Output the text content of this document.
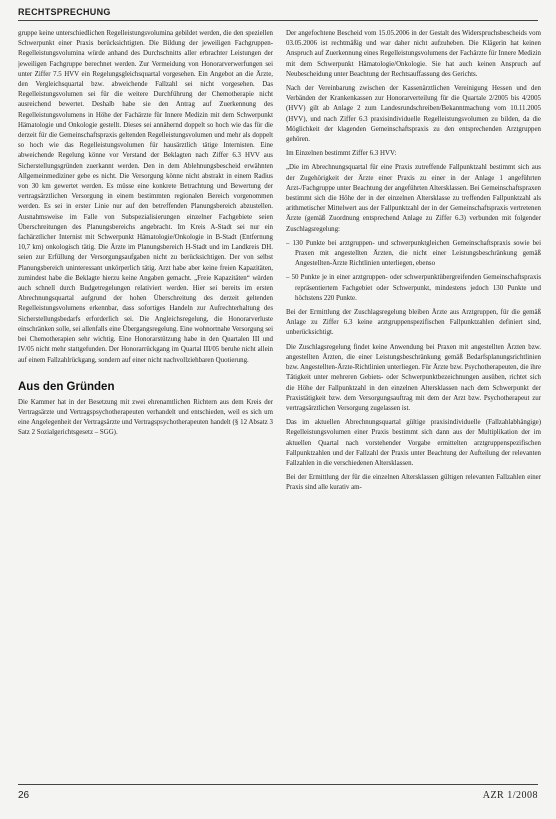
RECHTSPRECHUNG

gruppe keine unterschiedlichen Regelleistungsvolumina gebildet werden, die den speziellen Schwerpunkt einer Praxis berücksichtigten. Die Bildung der jeweiligen Fachgruppen-Regelleistungsvolumina würde anhand des Durchschnitts aller erbrachter Leistungen der jeweiligen Fachgruppe berechnet werden. Zur Vermeidung von Honorarverwerfungen sei unter Ziffer 7.5 HVV ein Regelungsgleichsquartal vorgesehen. Ein Angebot an die Ärzte, den Vergleichsquartal bzw. abweichende Fallzahl sei nicht vorgesehen. Das Regelleistungsvolumen sei für die weitere Durchführung der Chemotherapie nicht ausreichend bewertet. Deshalb habe sie den Antrag auf Zuerkennung des Regelleistungsvolumens in Höhe der Fachärzte für Innere Medizin mit dem Schwerpunkt Hämatologie und Onkologie gestellt. Dieses sei annähernd doppelt so hoch wie das für die derzeit für die Gemeinschaftspraxis geltenden Regelleistungsvolumen und mehr als doppelt so hoch wie das Regelleistungsvolumen für hausärztlich tätige Internisten. Eine abweichende Regelung könne vor Verstand der Beklagten nach Ziffer 6.3 HVV aus Sicherstellungsgründen zuerkannt werden. Den in dem Ablehnungsbescheid erwähnten Allgemeinmediziner gebe es nicht. Die Versorgung könne nicht abstrakt in einem Radius von 30 km gewertet werden. Es müsse eine konkrete Betrachtung und Bewertung der vertragsärztlichen Versorgung in einem bestimmten regionalen Bereich vorgenommen werden. Es sei in erster Linie nur auf den betreffenden Planungsbereich abzustellen. Ausnahmsweise im Falle von Subspezialisierungen einzelner Fachgebiete seien Überschreitungen des Planungsbereichs angebracht. Im Kreis A-Stadt sei nur ein fachärztlicher Internist mit Schwerpunkt Hämatologie/Onkologie in B-Stadt (Entfernung 10,7 km) onkologisch tätig. Die Ärzte im Planungsbereich H-Stadt und im Landkreis DH. seien zur Erfüllung der Versorgungsaufgaben nicht zu berücksichtigen. Der von selbst Planungsbereich uninteressant unkörperlich tätig. Arzt habe aber keine freien Kapazitäten, zumindest habe die Beklagte hierzu keine Angaben gemacht. „Freie Kapazitäten“ würden auch schnell durch Budgetregelungen relativiert werden. Hier sei bereits im ersten Abrechnungsquartal aufgrund der hohen Überschreitung des derzeit geltenden Regelleistungsvolumens erkennbar, dass sofortiges Handeln zur Aufrechterhaltung des Sicherstellungsbedarfs erforderlich sei. Die Angleichsregelung, die Honorarverluste einschränken solle, sei allenfalls eine Übergangsregelung. Eine wohnortnahe Versorgung sei bei Chemotherapien sehr wichtig. Eine Honorarstützung habe in den Quartalen III und IV/05 nicht mehr stattgefunden. Der Honorarrückgang im Quartal III/05 beruhe nicht allein auf einem Fallzahlrückgang, sondern auf einer nicht nachvollziehbaren Quotierung.

Aus den Gründen

Die Kammer hat in der Besetzung mit zwei ehrenamtlichen Richtern aus dem Kreis der Vertragsärzte und Vertragspsychotherapeuten verhandelt und entschieden, weil es sich um eine Angelegenheit der Vertragsärzte und Vertragspsychotherapeuten handelt (§ 12 Absatz 3 Satz 2 Sozialgerichtsgesetz – SGG).

Der angefochtene Bescheid vom 15.05.2006 in der Gestalt des Widerspruchsbescheids vom 03.05.2006 ist rechtmäßig und war daher nicht aufzuheben. Die Klägerin hat keinen Anspruch auf Zuerkennung eines Regelleistungsvolumens der Fachärzte für Innere Medizin mit dem Schwerpunkt Hämatologie/Onkologie. Sie hat auch keinen Anspruch auf Neubescheidung unter Beachtung der Rechtsauffassung des Gerichts.

Nach der Vereinbarung zwischen der Kassenärztlichen Vereinigung Hessen und den Verbänden der Krankenkassen zur Honorarverteilung für die Quartale 2/2005 bis 4/2005 (HVV) gilt ab Anlage 2 zum Landesrundschreiben/Bekanntmachung vom 10.11.2005 (HVV), und nach Ziffer 6.3 praxisindividuelle Regelleistungsvolumen zu bilden, da die Möglichkeit der klagenden Gemeinschaftspraxis zu den entsprechenden Arztgruppen gehören.

Im Einzelnen bestimmt Ziffer 6.3 HVV:

„Die im Abrechnungsquartal für eine Praxis zutreffende Fallpunktzahl bestimmt sich aus der Zugehörigkeit der Ärzte einer Praxis zu einer in der Anlage 1 angeführten Arzt-/Fachgruppe unter Beachtung der angeführten Altersklassen. Bei Gemeinschaftspraxen bestimmt sich die Höhe der in der einzelnen Altersklasse zu treffenden Fallpunktzahl als arithmetischer Mittelwert aus der Fallpunktzahl der in der Gemeinschaftspraxis vertretenen Ärzte (gemäß Zuordnung entsprechend Anlage zu Ziffer 6.3) verbunden mit folgender Zuschlagsregelung:

– 130 Punkte bei arztgruppen- und schwerpunktgleichen Gemeinschaftspraxis sowie bei Praxen mit angestellten Ärzten, die nicht einer Leistungsbeschränkung gemäß Angestellten-Ärzte Richtlinien unterliegen, ebenso

– 50 Punkte je in einer arztgruppen- oder schwerpunktübergreifenden Gemeinschaftspraxis repräsentiertem Fachgebiet oder Schwerpunkt, mindestens jedoch 130 Punkte und höchstens 220 Punkte.

Bei der Ermittlung der Zuschlagsregelung bleiben Ärzte aus Arztgruppen, für die gemäß Anlage zu Ziffer 6.3 keine arztgruppenspezifischen Fallpunktzahlen definiert sind, unberücksichtigt.

Die Zuschlagsregelung findet keine Anwendung bei Praxen mit angestellten Ärzten bzw. angestellten Ärzten, die einer Leistungsbeschränkung gemäß Bedarfsplanungsrichtlinien bzw. Angestellten-Ärzte-Richtlinien unterliegen. Für Ärzte bzw. Psychotherapeuten, die ihre Tätigkeit unter mehreren Gebiets- oder Schwerpunktbezeichnungen ausüben, richtet sich die Höhe der Fallpunktzahl in den einzelnen Altersklassen nach dem Schwerpunkt der Praxistätigkeit bzw. dem Versorgungsauftrag mit dem der Arzt bzw. Psychotherapeut zur vertragsärztlichen Versorgung zugelassen ist.

Das im aktuellen Abrechnungsquartal gültige praxisindividuelle (Fallzahlabhängige) Regelleistungsvolumen einer Praxis bestimmt sich dann aus der Multiplikation der im aktuellen Quartal nach vorstehender Vorgabe ermittelten arztgruppenspezifischen Fallpunktzahlen und der Fallzahl der Praxis unter Beachtung der Aufteilung der relevanten Fallzahlen in die verschiedenen Altersklassen.

Bei der Ermittlung der für die einzelnen Altersklassen gültigen relevanten Fallzahlen einer Praxis sind alle kurativ am-

26	AZR 1/2008
